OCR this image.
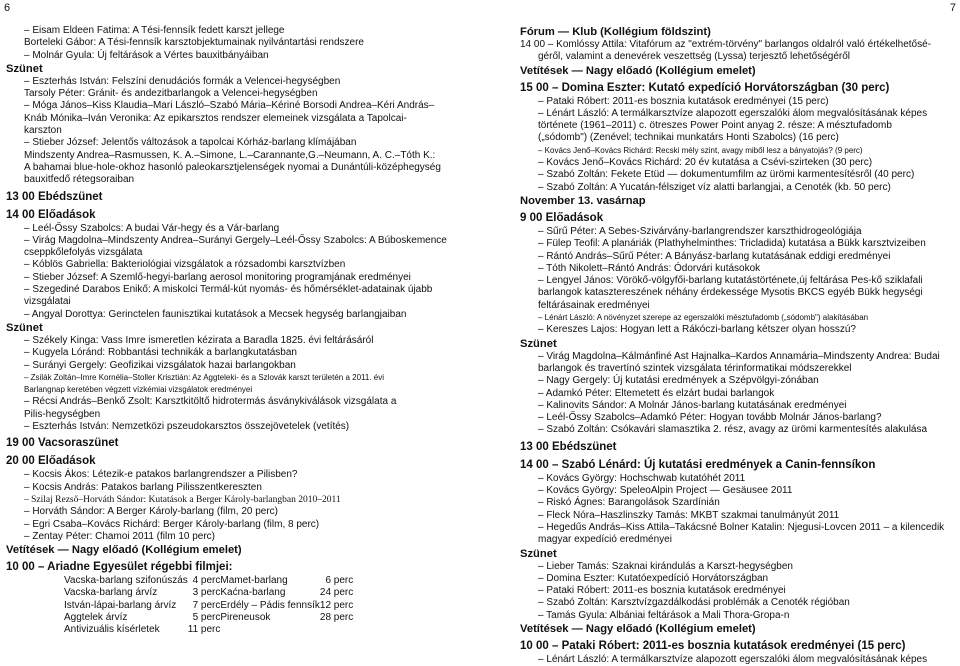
6	7
– Eisam Eldeen Fatima: A Tési-fennsík fedett karszt jellege
Borteleki Gábor: A Tési-fennsík karsztobjektumainak nyilvántartási rendszere
– Molnár Gyula: Új feltárások a Vértes bauxitbányáiban
Szünet
– Eszterhás István: Felszíni denudációs formák a Velencei-hegységben
Tarsoly Péter: Gránit- és andezitbarlangok a Velencei-hegységben
– Móga János–Kiss Klaudia–Mari László–Szabó Mária–Kériné Borsodi Andrea–Kéri András–
Knáb Mónika–Iván Veronika: Az epikarsztos rendszer elemeinek vizsgálata a Tapolcai-
karszton
– Stieber József: Jelentős változások a tapolcai Kórház-barlang klímájában
Mindszenty Andrea–Rasmussen, K. A.–Simone, L.–Carannante,G.–Neumann, A. C.–Tóth K.:
A bahamai blue-hole-okhoz hasonló paleokarsztjelenségek nyomai a Dunántúli-középhegység
bauxitfedő rétegsoraiban
13 00 Ebédszünet
14 00 Előadások
– Leél-Őssy Szabolcs: A budai Vár-hegy és a Vár-barlang
– Virág Magdolna–Mindszenty Andrea–Surányi Gergely–Leél-Őssy Szabolcs: A Búboskemence
cseppkőlefolyás vizsgálata
– Kóblös Gabriella: Bakteriológiai vizsgálatok a rózsadombi karsztvízben
– Stieber József: A Szemlő-hegyi-barlang aerosol monitoring programjának eredményei
– Szegediné Darabos Enikő: A miskolci Termál-kút nyomás- és hőmérséklet-adatainak újabb
vizsgálatai
– Angyal Dorottya: Gerinctelen faunisztikai kutatások a Mecsek hegység barlangjaiban
Szünet
– Székely Kinga: Vass Imre ismeretlen kézirata a Baradla 1825. évi feltárásáról
– Kugyela Lóránd: Robbantási technikák a barlangkutatásban
– Surányi Gergely: Geofizikai vizsgálatok hazai barlangokban
– Zsilák Zoltán–Imre Kornélia–Stoller Krisztián: Az Aggteleki- és a Szlovák karszt területén a 2011. évi
Barlangnap keretében végzett vízkémiai vizsgálatok eredményei
– Récsi András–Benkő Zsolt: Karsztkitöltő hidrotermás ásványkiválások vizsgálata a
Pilis-hegységben
– Eszterhás István: Nemzetközi pszeudokarsztos összejövetelek (vetítés)
19 00 Vacsoraszünet
20 00 Előadások
– Kocsis Ákos: Létezik-e patakos barlangrendszer a Pilisben?
– Kocsis András: Patakos barlang Pilisszentkereszten
– Szilaj Rezső–Horváth Sándor: Kutatások a Berger Károly-barlangban 2010–2011
– Horváth Sándor: A Berger Károly-barlang (film, 20 perc)
– Egri Csaba–Kovács Richárd: Berger Károly-barlang (film, 8 perc)
– Zentay Péter: Chamoi 2011 (film 10 perc)
Vetítések — Nagy előadó (Kollégium emelet)
10 00 – Ariadne Egyesület régebbi filmjei:
Vacska-barlang szifonúszás	4 perc	Mamet-barlang	6 perc
Vacska-barlang árvíz	3 perc	Kaćna-barlang	24 perc
István-lápai-barlang árvíz	7 perc	Erdély – Pádis fennsík	12 perc
Aggtelek árvíz	5 perc	Pireneusok	28 perc
Antivizuális kísérletek	11 perc		
Fórum — Klub (Kollégium földszint)
14 00 – Komlóssy Attila: Vitafórum az "extrém-törvény" barlangos oldalról való értékelhetősé-
géről, valamint a denevérek veszettség (Lyssa) terjesztő lehetőségéről
Vetítések — Nagy előadó (Kollégium emelet)
15 00 – Domina Eszter: Kutató expedíció Horvátországban (30 perc)
– Pataki Róbert: 2011-es bosznia kutatások eredményei (15 perc)
– Lénárt László: A termálkarsztvíze alapozott egerszalóki álom megvalósításának képes
története (1961–2011) c. ötreszes Power Point anyag 2. része: A mésztufadomb
(„sódomb") (Zenével; technikai munkatárs Honti Szabolcs) (16 perc)
– Kovács Jenő–Kovács Richárd: Recski mély szint, avagy miből lesz a bányatojás? (9 perc)
– Kovács Jenő–Kovács Richárd: 20 év kutatása a Csévi-szirteken (30 perc)
– Szabó Zoltán: Fekete Etüd — dokumentumfilm az ürömi karmentesítésről (40 perc)
– Szabó Zoltán: A Yucatán-félsziget víz alatti barlangjai, a Cenoték (kb. 50 perc)
November 13. vasárnap
9 00 Előadások
– Sűrű Péter: A Sebes-Szivárvány-barlangrendszer karszthidrogeológiája
– Fülep Teofil: A planáriák (Plathyhelminthes: Tricladida) kutatása a Bükk karsztvizeiben
– Rántó András–Sűrű Péter: A Bányász-barlang kutatásának eddigi eredményei
– Tóth Nikolett–Rántó András: Ódorvári kutásokok
– Lengyel János: Vörökő-völgyfői-barlang kutatástörténete,új feltárása Pes-kő sziklafali
barlangok katasztereszének néhány érdekessége Mysotis BKCS egyéb Bükk hegységi
feltárásainak eredményei
– Lénárt László: A növényzet szerepe az egerszalóki mésztufadomb („sódomb") alakításában
– Kereszes Lajos: Hogyan lett a Rákóczi-barlang kétszer olyan hosszú?
Szünet
– Virág Magdolna–Kálmánfiné Ast Hajnalka–Kardos Annamária–Mindszenty Andrea: Budai
barlangok és travertínó szintek vizsgálata térinformatikai módszerekkel
– Nagy Gergely: Új kutatási eredmények a Szépvölgyi-zónában
– Adamkó Péter: Eltemetett és elzárt budai barlangok
– Kalinovits Sándor: A Molnár János-barlang kutatásának eredményei
– Leél-Őssy Szabolcs–Adamkó Péter: Hogyan tovább Molnár János-barlang?
– Szabó Zoltán: Csókavári slamasztika 2. rész, avagy az ürömi karmentesítés alakulása
13 00 Ebédszünet
14 00 – Szabó Lénárd: Új kutatási eredmények a Canin-fennsíkon
– Kovács György: Hochschwab kutatóhét 2011
– Kovács György: SpeleoAlpin Project — Gesäusee 2011
– Riskó Ágnes: Barangolások Szardínián
– Fleck Nóra–Haszlinszky Tamás: MKBT szakmai tanulmányút 2011
– Hegedűs András–Kiss Attila–Takácsné Bolner Katalin: Njegusi-Lovcen 2011 – a kilencedik
magyar expedíció eredményei
Szünet
– Lieber Tamás: Szaknai kirándulás a Karszt-hegységben
– Domina Eszter: Kutatóexpedíció Horvátországban
– Pataki Róbert: 2011-es bosznia kutatások eredményei
– Szabó Zoltán: Karsztvízgazdálkodási problémák a Cenoték régióban
– Tamás Gyula: Albániai feltárások a Mali Thora-Gropa-n
Vetítések — Nagy előadó (Kollégium emelet)
10 00 – Pataki Róbert: 2011-es bosznia kutatások eredményei (15 perc)
– Lénárt László: A termálkarsztvíze alapozott egerszalóki álom megvalósításának képes
